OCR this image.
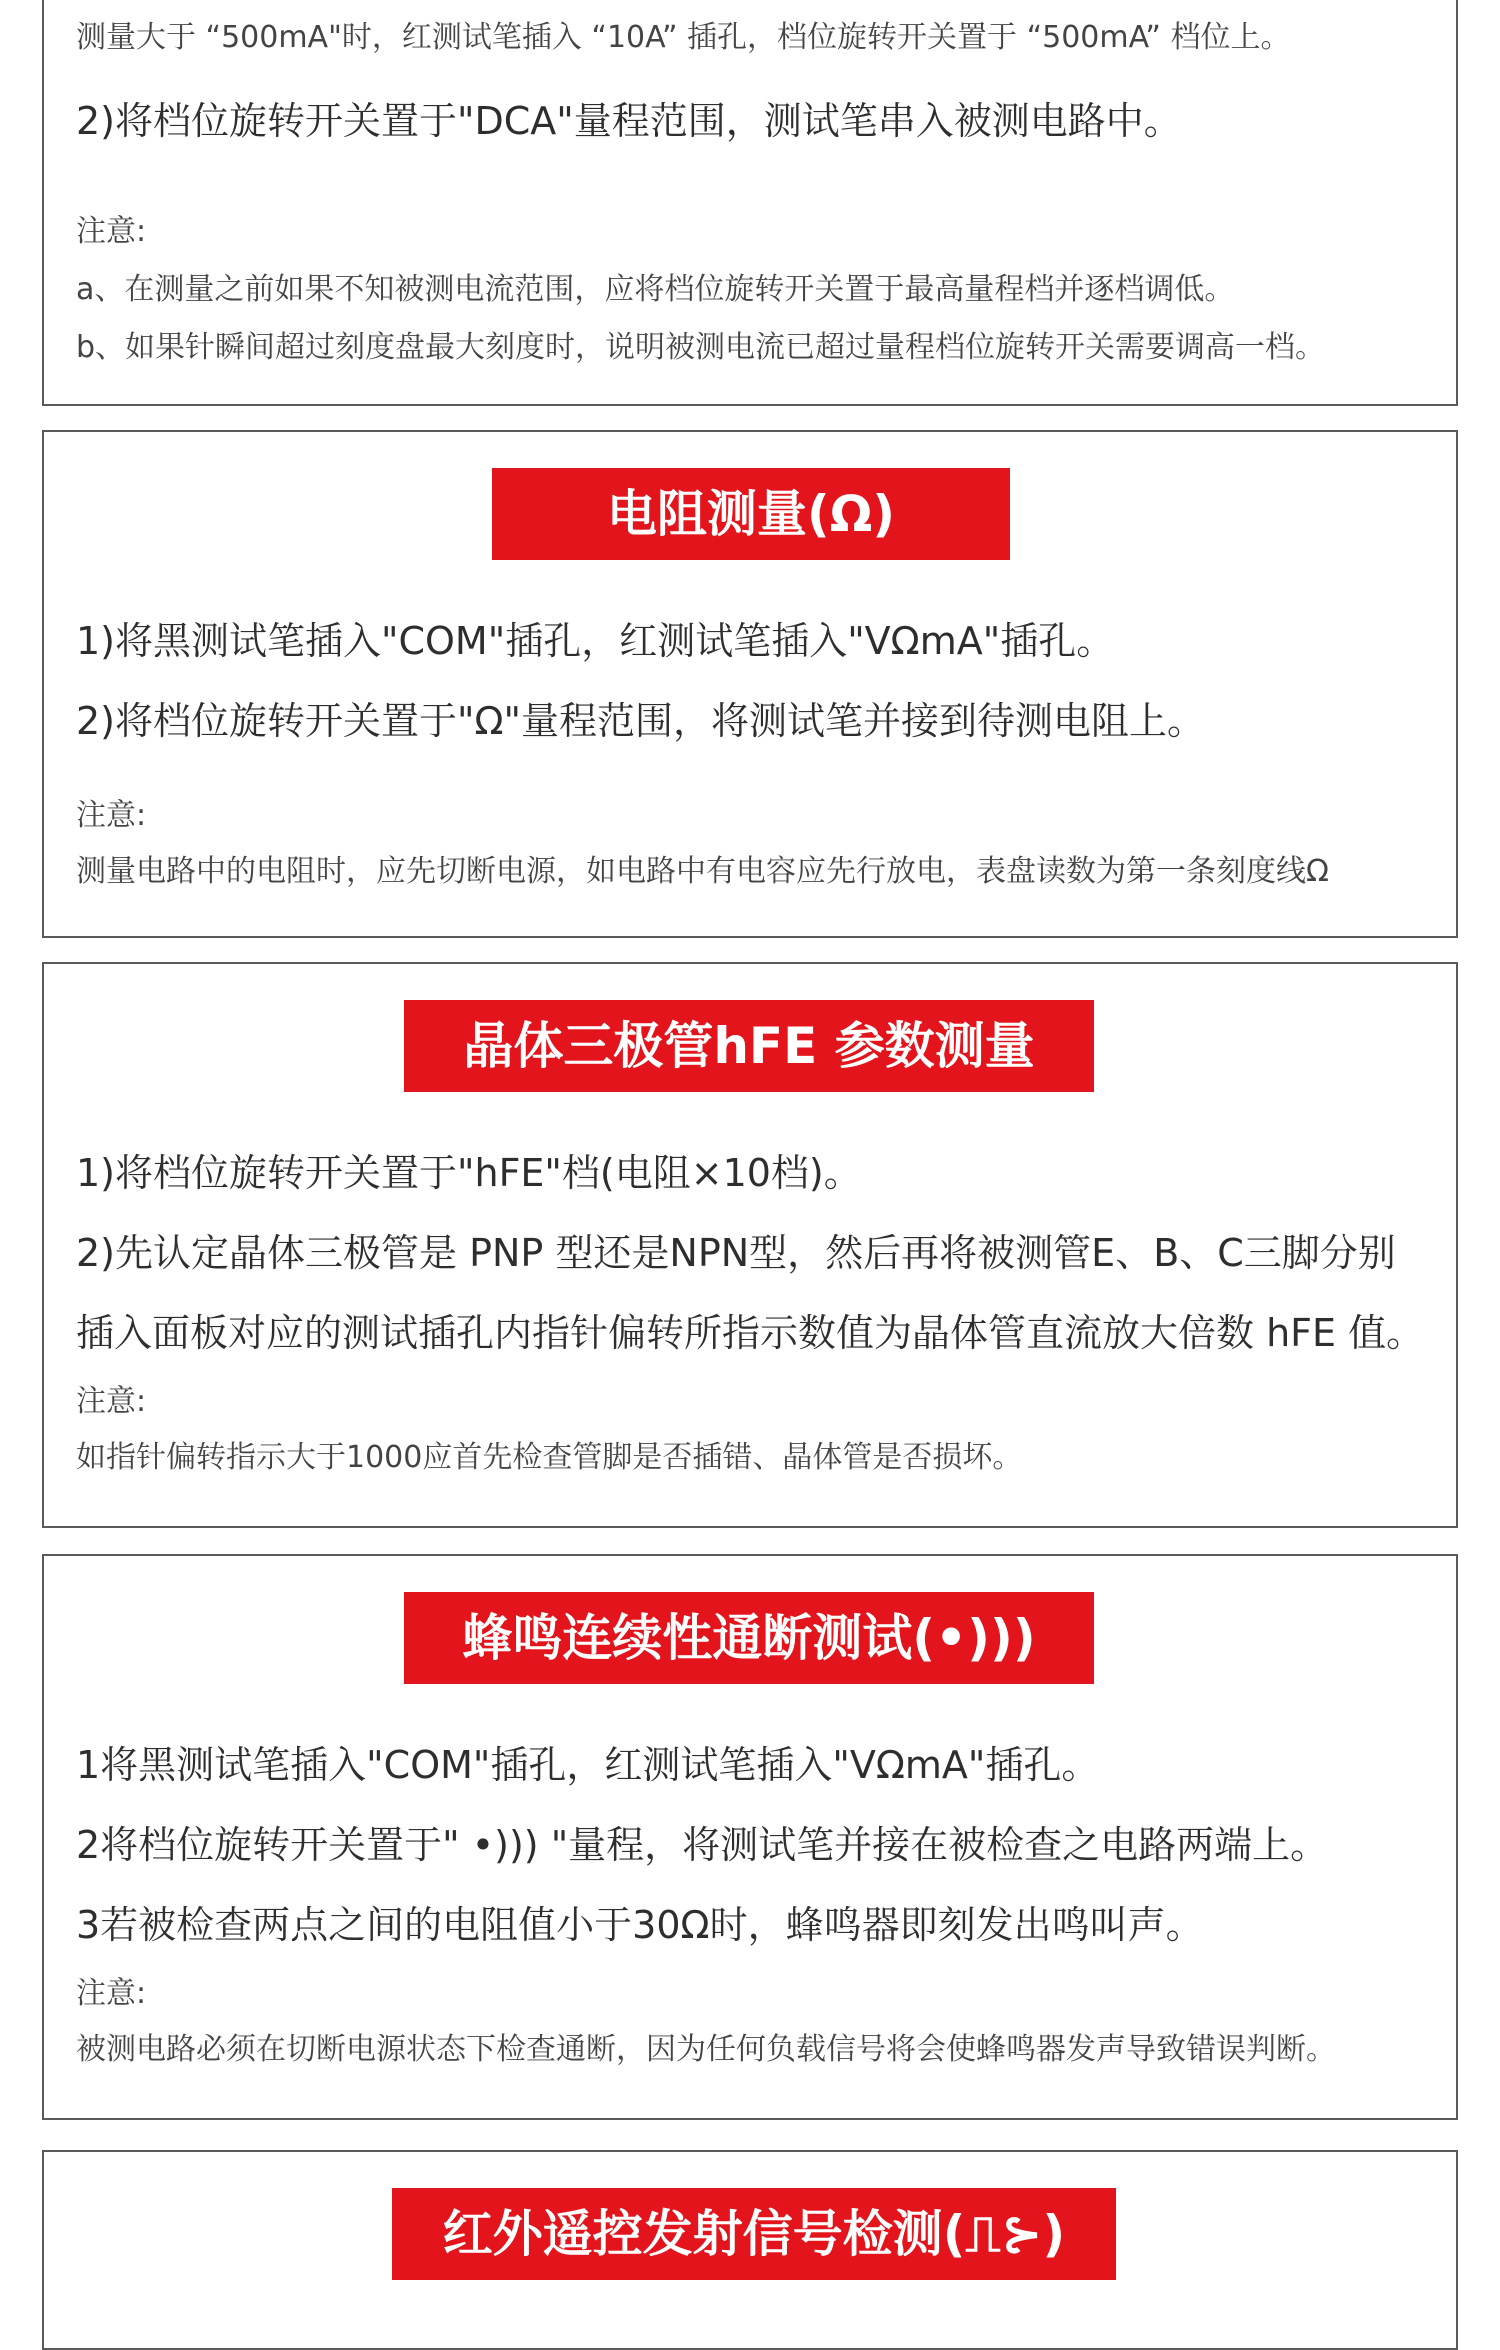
测量大于 “500mA"时，红测试笔插入 “10A” 插孔，档位旋转开关置于 “500mA” 档位上。
2)将档位旋转开关置于"DCA"量程范围，测试笔串入被测电路中。
注意:
a、在测量之前如果不知被测电流范围，应将档位旋转开关置于最高量程档并逐档调低。
b、如果针瞬间超过刻度盘最大刻度时，说明被测电流已超过量程档位旋转开关需要调高一档。
电阻测量(Ω)
1)将黑测试笔插入"COM"插孔，红测试笔插入"VΩmA"插孔。
2)将档位旋转开关置于"Ω"量程范围，将测试笔并接到待测电阻上。
注意:
测量电路中的电阻时，应先切断电源，如电路中有电容应先行放电，表盘读数为第一条刻度线Ω
晶体三极管hFE 参数测量
1)将档位旋转开关置于"hFE"档(电阻×10档)。
2)先认定晶体三极管是 PNP 型还是NPN型，然后再将被测管E、B、C三脚分别
插入面板对应的测试插孔内指针偏转所指示数值为晶体管直流放大倍数 hFE 值。
注意:
如指针偏转指示大于1000应首先检查管脚是否插错、晶体管是否损坏。
蜂鸣连续性通断测试(•)))
1将黑测试笔插入"COM"插孔，红测试笔插入"VΩmA"插孔。
2将档位旋转开关置于" •))) "量程，将测试笔并接在被检查之电路两端上。
3若被检查两点之间的电阻值小于30Ω时，蜂鸣器即刻发出鸣叫声。
注意:
被测电路必须在切断电源状态下检查通断，因为任何负载信号将会使蜂鸣器发声导致错误判断。
红外遥控发射信号检测(⎍⊱)
